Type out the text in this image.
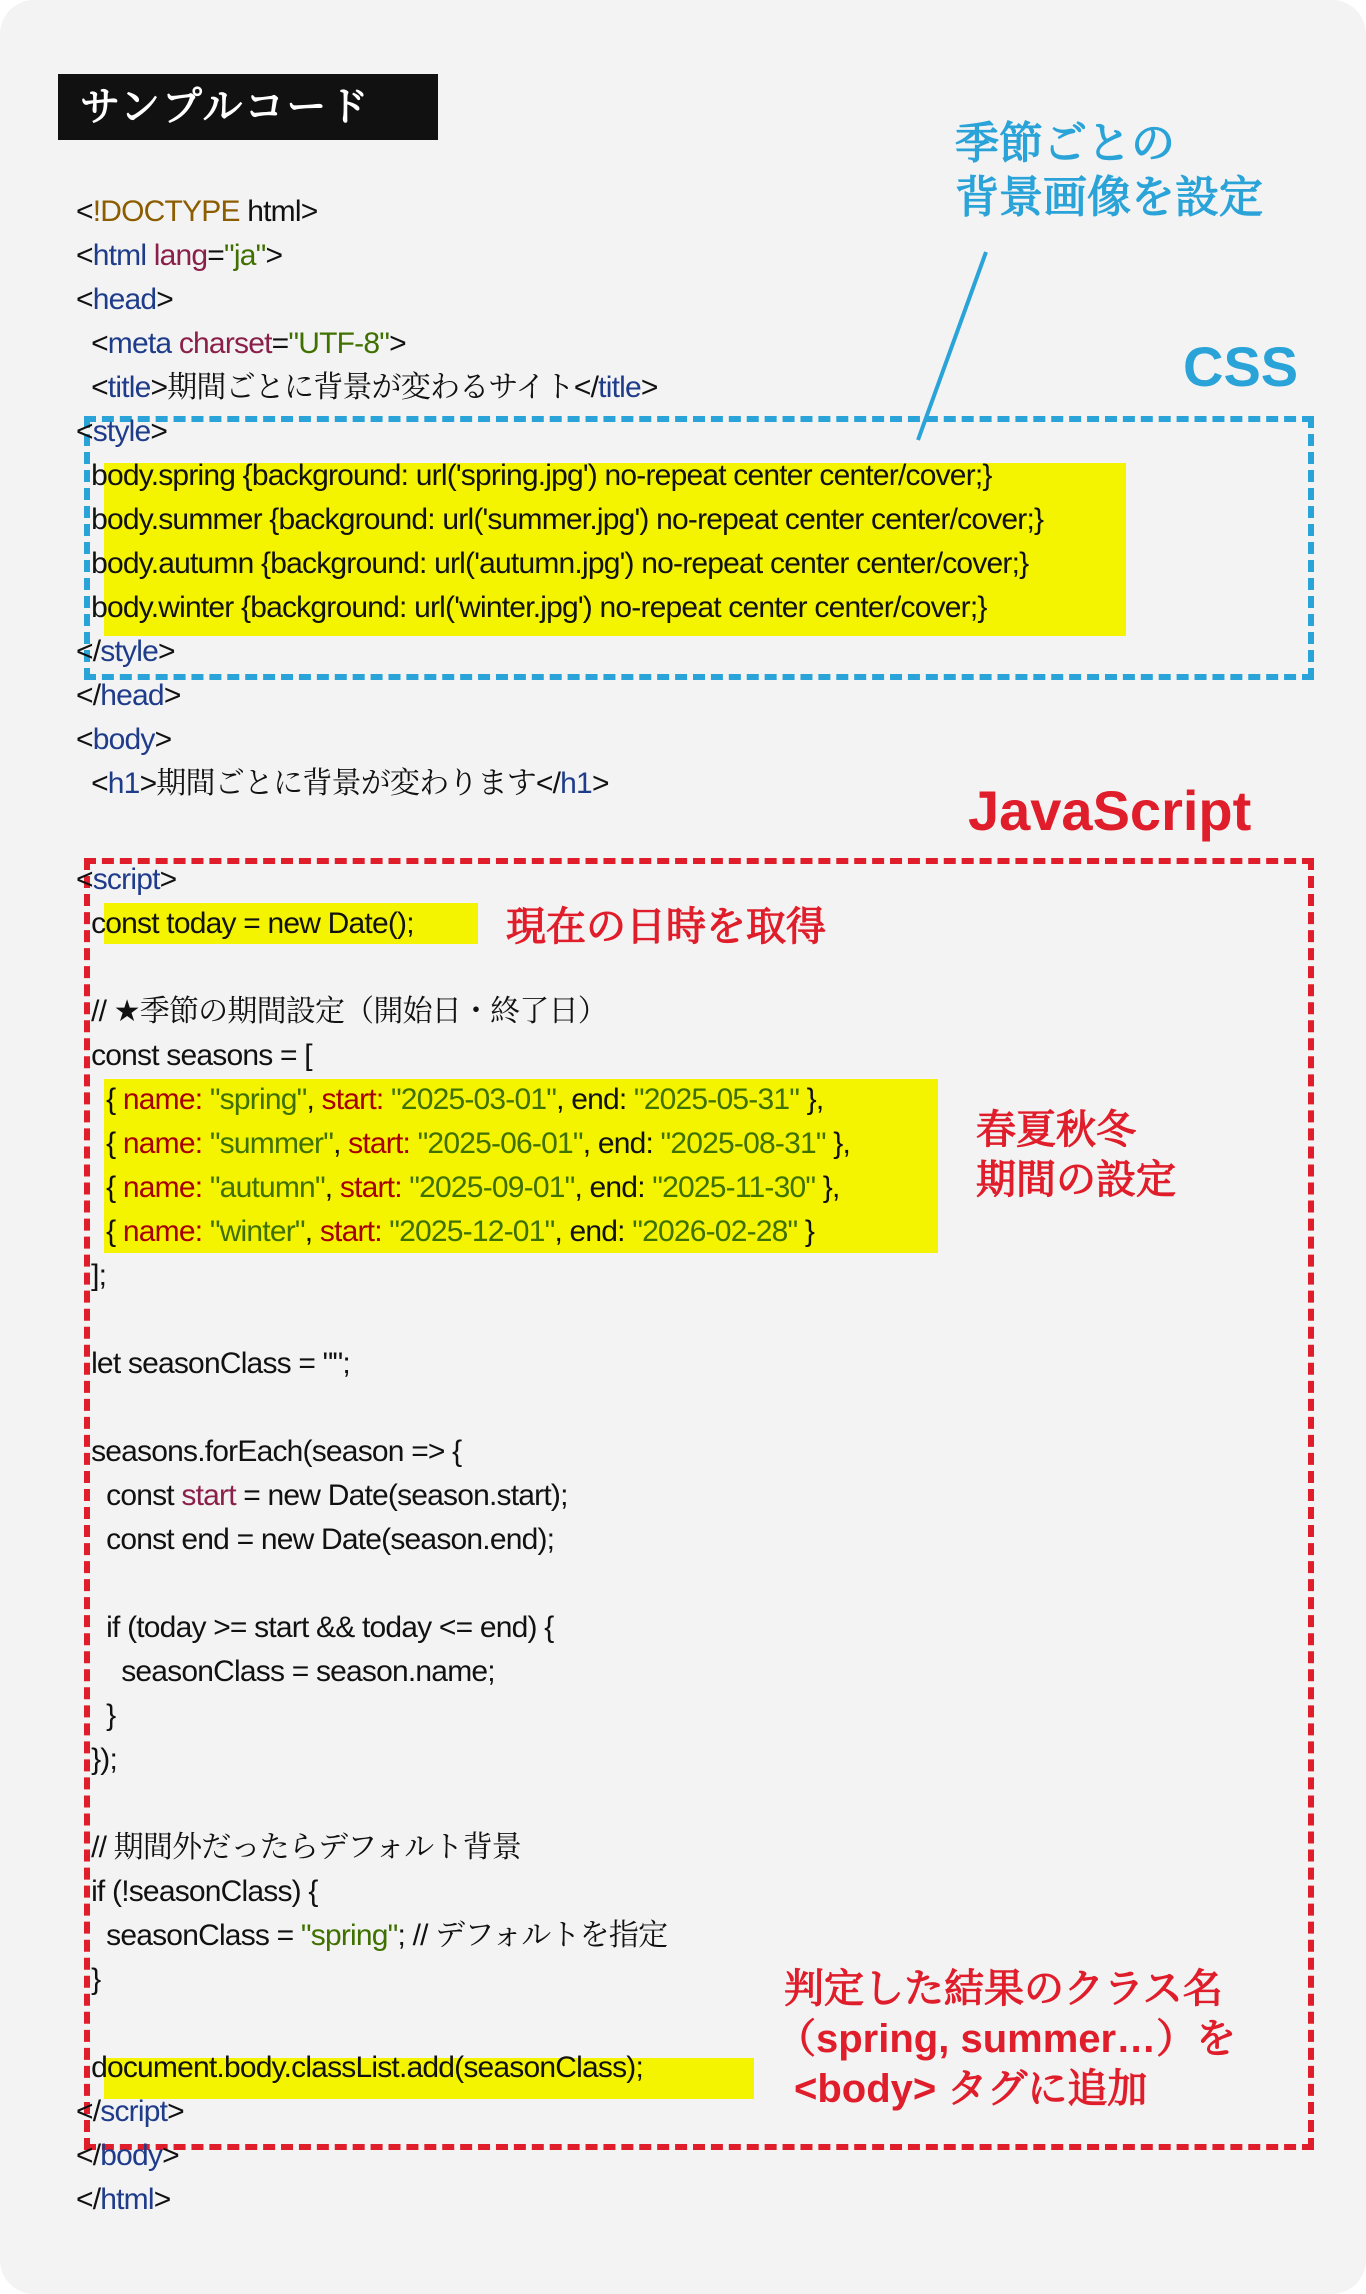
サンプルコード
CSS
JavaScript
季節ごとの
背景画像を設定
現在の日時を取得
春夏秋冬
期間の設定
判定した結果のクラス名
（spring, summer…）を
<body> タグに追加
<!DOCTYPE html>
<html lang="ja">
<head>
<meta charset="UTF-8">
<title>期間ごとに背景が変わるサイト</title>
<style>
body.spring {background: url('spring.jpg') no-repeat center center/cover;}
body.summer {background: url('summer.jpg') no-repeat center center/cover;}
body.autumn {background: url('autumn.jpg') no-repeat center center/cover;}
body.winter {background: url('winter.jpg') no-repeat center center/cover;}
</style>
</head>
<body>
<h1>期間ごとに背景が変わります</h1>
<script>
const today = new Date();
// ★季節の期間設定（開始日・終了日）
const seasons = [
{ name: "spring", start: "2025-03-01", end: "2025-05-31" },
{ name: "summer", start: "2025-06-01", end: "2025-08-31" },
{ name: "autumn", start: "2025-09-01", end: "2025-11-30" },
{ name: "winter", start: "2025-12-01", end: "2026-02-28" }
];
let seasonClass = "";
seasons.forEach(season => {
const start = new Date(season.start);
const end = new Date(season.end);
if (today >= start && today <= end) {
seasonClass = season.name;
}
});
// 期間外だったらデフォルト背景
if (!seasonClass) {
seasonClass = "spring"; // デフォルトを指定
}
document.body.classList.add(seasonClass);
</script>
</body>
</html>
